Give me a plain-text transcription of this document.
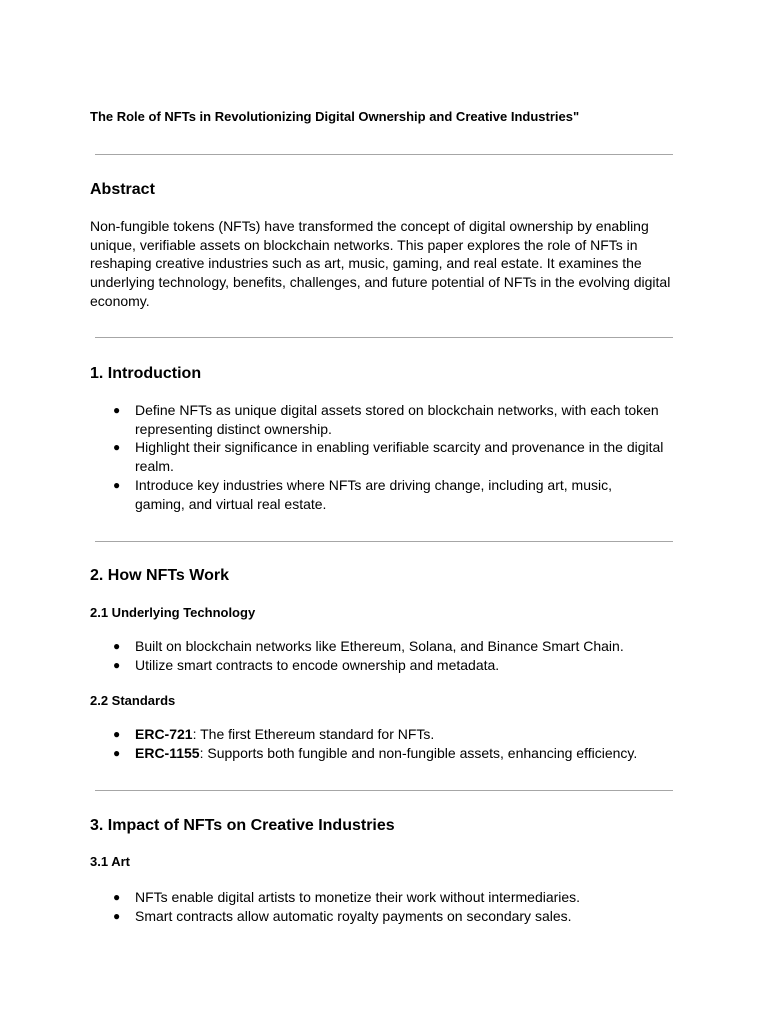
The Role of NFTs in Revolutionizing Digital Ownership and Creative Industries"
Abstract

Non-fungible tokens (NFTs) have transformed the concept of digital ownership by enabling unique, verifiable assets on blockchain networks. This paper explores the role of NFTs in reshaping creative industries such as art, music, gaming, and real estate. It examines the underlying technology, benefits, challenges, and future potential of NFTs in the evolving digital economy.

1. Introduction
● Define NFTs as unique digital assets stored on blockchain networks, with each token representing distinct ownership.
● Highlight their significance in enabling verifiable scarcity and provenance in the digital realm.
● Introduce key industries where NFTs are driving change, including art, music, gaming, and virtual real estate.
2. How NFTs Work
2.1 Underlying Technology
● Built on blockchain networks like Ethereum, Solana, and Binance Smart Chain.
● Utilize smart contracts to encode ownership and metadata.
2.2 Standards
● ERC-721: The first Ethereum standard for NFTs.
● ERC-1155: Supports both fungible and non-fungible assets, enhancing efficiency.
3. Impact of NFTs on Creative Industries
3.1 Art
● NFTs enable digital artists to monetize their work without intermediaries.
● Smart contracts allow automatic royalty payments on secondary sales.
